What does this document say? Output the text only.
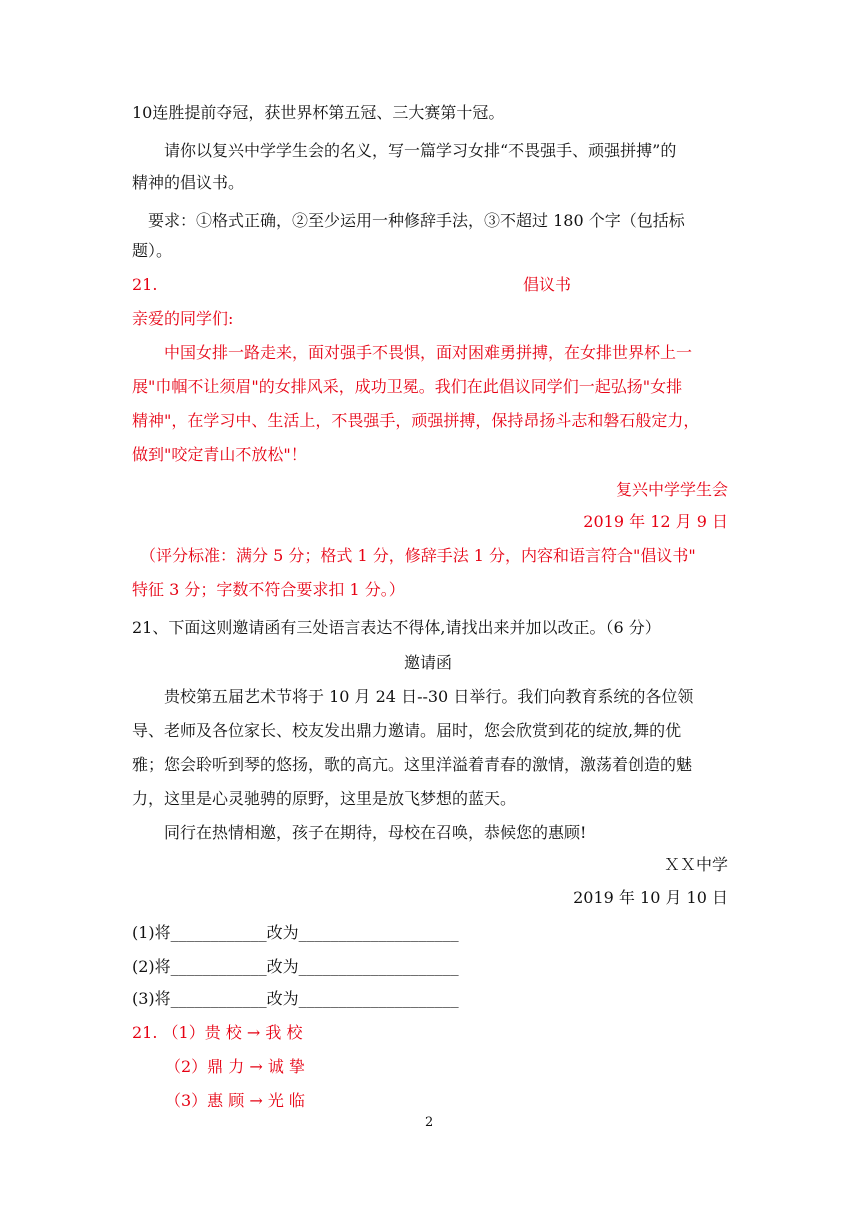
10连胜提前夺冠，获世界杯第五冠、三大赛第十冠。
请你以复兴中学学生会的名义，写一篇学习女排“不畏强手、顽强拼搏”的
精神的倡议书。
要求：①格式正确，②至少运用一种修辞手法，③不超过 180 个字（包括标
题）。
21.	倡议书
亲爱的同学们:
中国女排一路走来，面对强手不畏惧，面对困难勇拼搏，在女排世界杯上一
展"巾帼不让须眉"的女排风采，成功卫冕。我们在此倡议同学们一起弘扬"女排
精神"，在学习中、生活上，不畏强手，顽强拼搏，保持昂扬斗志和磐石般定力，
做到"咬定青山不放松"！
复兴中学学生会
2019 年 12 月 9 日
（评分标准：满分 5 分；格式 1 分，修辞手法 1 分，内容和语言符合"倡议书"
特征 3 分；字数不符合要求扣 1 分。）
21、下面这则邀请函有三处语言表达不得体,请找出来并加以改正。（6 分）
邀请函
贵校第五届艺术节将于 10 月 24 日--30 日举行。我们向教育系统的各位领
导、老师及各位家长、校友发出鼎力邀请。届时，您会欣赏到花的绽放,舞的优
雅；您会聆听到琴的悠扬，歌的高亢。这里洋溢着青春的激情，激荡着创造的魅
力，这里是心灵驰骋的原野，这里是放飞梦想的蓝天。
同行在热情相邀，孩子在期待，母校在召唤，恭候您的惠顾!
ＸＸ中学
2019 年 10 月 10 日
(1)将____________改为____________________
(2)将____________改为____________________
(3)将____________改为____________________
21. （1）贵 校 → 我 校
（2）鼎 力 → 诚 挚
（3）惠 顾 → 光 临
2
